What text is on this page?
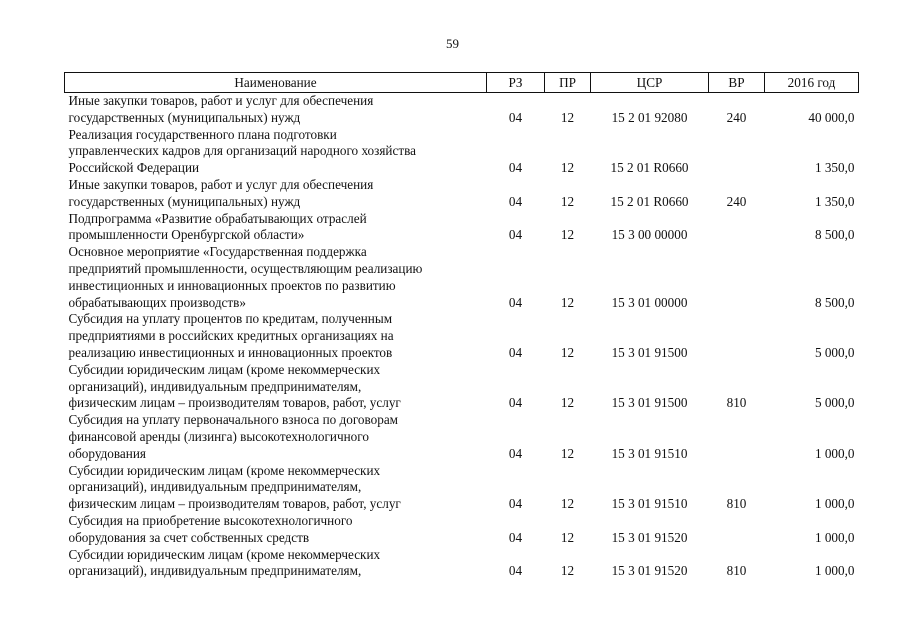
59
Наименование	РЗ	ПР	ЦСР	ВР	2016 год

Иные закупки товаров, работ и услуг для обеспечения
государственных (муниципальных) нужд	04	12	15 2 01 92080	240	40 000,0

Реализация государственного плана подготовки
управленческих кадров для организаций народного хозяйства
Российской Федерации	04	12	15 2 01 R0660		1 350,0

Иные закупки товаров, работ и услуг для обеспечения
государственных (муниципальных) нужд	04	12	15 2 01 R0660	240	1 350,0

Подпрограмма «Развитие обрабатывающих отраслей
промышленности Оренбургской области»	04	12	15 3 00 00000		8 500,0

Основное мероприятие «Государственная поддержка
предприятий промышленности, осуществляющим реализацию
инвестиционных и инновационных проектов по развитию
обрабатывающих производств»	04	12	15 3 01 00000		8 500,0

Субсидия на уплату процентов по кредитам, полученным
предприятиями в российских кредитных организациях на
реализацию инвестиционных и инновационных проектов	04	12	15 3 01 91500		5 000,0

Субсидии юридическим лицам (кроме некоммерческих
организаций), индивидуальным предпринимателям,
физическим лицам – производителям товаров, работ, услуг	04	12	15 3 01 91500	810	5 000,0

Субсидия на уплату первоначального взноса по договорам
финансовой аренды (лизинга) высокотехнологичного
оборудования	04	12	15 3 01 91510		1 000,0

Субсидии юридическим лицам (кроме некоммерческих
организаций), индивидуальным предпринимателям,
физическим лицам – производителям товаров, работ, услуг	04	12	15 3 01 91510	810	1 000,0

Субсидия на приобретение высокотехнологичного
оборудования за счет собственных средств	04	12	15 3 01 91520		1 000,0

Субсидии юридическим лицам (кроме некоммерческих
организаций), индивидуальным предпринимателям,	04	12	15 3 01 91520	810	1 000,0
